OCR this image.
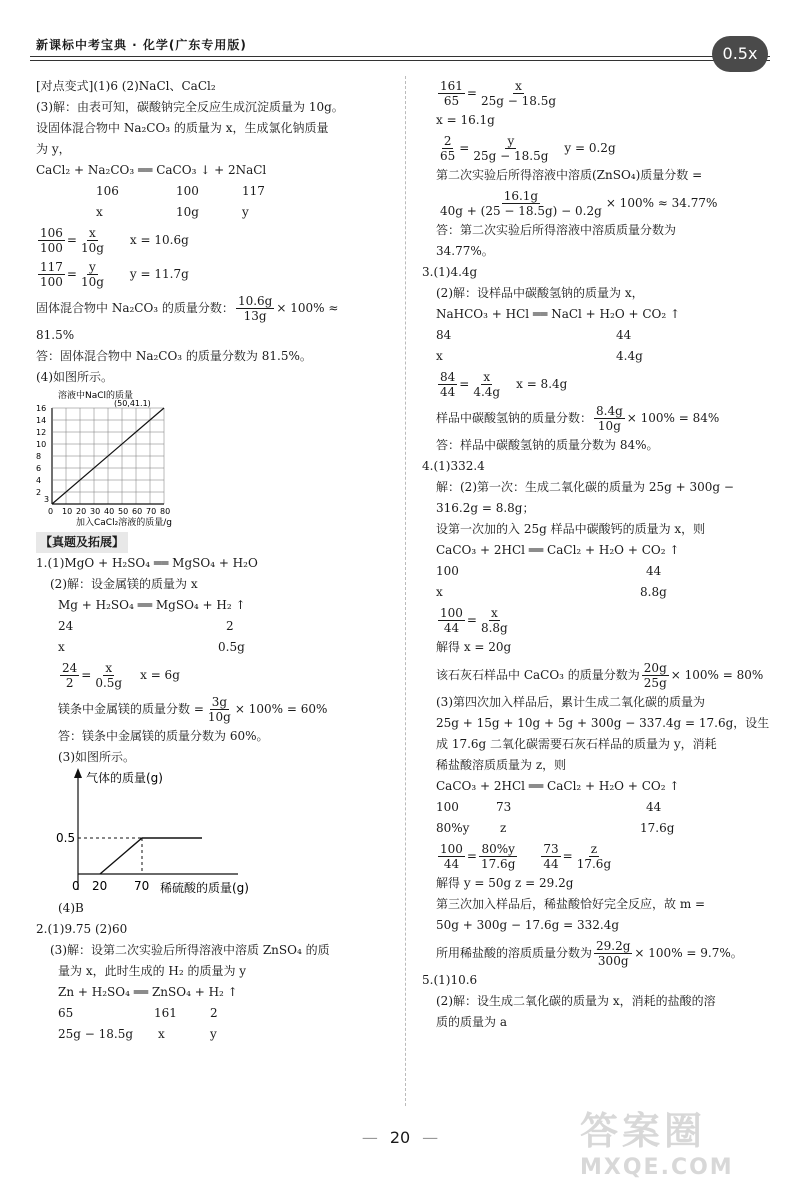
新课标中考宝典 · 化学(广东专用版)	0.5x
[对点变式](1)6 (2)NaCl、CaCl₂
(3)解：由表可知，碳酸钠完全反应生成沉淀质量为 10g。
设固体混合物中 Na₂CO₃ 的质量为 x，生成氯化钠质量
为 y，
CaCl₂ + Na₂CO₃ ══ CaCO₃ ↓ + 2NaCl
106	100	117
x	10g	y
$\frac{106}{100} = \frac{x}{10g}$ x = 10.6g
$\frac{117}{100} = \frac{y}{10g}$ y = 11.7g
固体混合物中 Na₂CO₃ 的质量分数： $\frac{10.6g}{13g} \times 100\%$ ≈
81.5%
答：固体混合物中 Na₂CO₃ 的质量分数为 81.5%。
(4)如图所示。
溶液中NaCl的质量
(50,41.1)
16
14
12
10
8
6
4
2
3
0 10 20 30 40 50 60 70 80
加入CaCl₂溶液的质量/g
【真题及拓展】
1.(1)MgO + H₂SO₄ ══ MgSO₄ + H₂O
(2)解：设金属镁的质量为 x
Mg + H₂SO₄ ══ MgSO₄ + H₂ ↑
24	2
x	0.5g
$\frac{24}{2} = \frac{x}{0.5g}$ x = 6g
镁条中金属镁的质量分数 = $\frac{3g}{10g} \times 100\% = 60\%$
答：镁条中金属镁的质量分数为 60%。
(3)如图所示。
气体的质量(g)
0.5
0 20 70 稀硫酸的质量(g)
(4)B
2.(1)9.75 (2)60
(3)解：设第二次实验后所得溶液中溶质 ZnSO₄ 的质
量为 x，此时生成的 H₂ 的质量为 y
Zn + H₂SO₄ ══ ZnSO₄ + H₂ ↑
65	161	2
25g − 18.5g	x	y
$\frac{161}{65} = \frac{x}{25g - 18.5g}$
x = 16.1g
$\frac{2}{65} = \frac{y}{25g - 18.5g}$ y = 0.2g
第二次实验后所得溶液中溶质(ZnSO₄)质量分数 =
$\frac{16.1g}{40g + (25 - 18.5g) - 0.2g} \times 100\% \approx 34.77\%$
答：第二次实验后所得溶液中溶质质量分数为
34.77%。
3.(1)4.4g
(2)解：设样品中碳酸氢钠的质量为 x，
NaHCO₃ + HCl ══ NaCl + H₂O + CO₂ ↑
84	44
x	4.4g
$\frac{84}{44} = \frac{x}{4.4g}$ x = 8.4g
样品中碳酸氢钠的质量分数： $\frac{8.4g}{10g} \times 100\% = 84\%$
答：样品中碳酸氢钠的质量分数为 84%。
4.(1)332.4
解：(2)第一次：生成二氧化碳的质量为 25g + 300g −
316.2g = 8.8g；
设第一次加的入 25g 样品中碳酸钙的质量为 x，则
CaCO₃ + 2HCl ══ CaCl₂ + H₂O + CO₂ ↑
100	44
x	8.8g
$\frac{100}{44} = \frac{x}{8.8g}$
解得 x = 20g
该石灰石样品中 CaCO₃ 的质量分数为 $\frac{20g}{25g} \times 100\% = 80\%$
(3)第四次加入样品后，累计生成二氧化碳的质量为
25g + 15g + 10g + 5g + 300g − 337.4g = 17.6g，设生
成 17.6g 二氧化碳需要石灰石样品的质量为 y，消耗
稀盐酸溶质质量为 z，则
CaCO₃ + 2HCl ══ CaCl₂ + H₂O + CO₂ ↑
100	73	44
80%y	z	17.6g
$\frac{100}{44} = \frac{80\%y}{17.6g} \frac{73}{44} = \frac{z}{17.6g}$
解得 y = 50g z = 29.2g
第三次加入样品后，稀盐酸恰好完全反应，故 m =
50g + 300g − 17.6g = 332.4g
所用稀盐酸的溶质质量分数为 $\frac{29.2g}{300g} \times 100\% = 9.7\%$。
5.(1)10.6
(2)解：设生成二氧化碳的质量为 x，消耗的盐酸的溶
质的质量为 a
— 20 —	答案圈
MXQE.COM
